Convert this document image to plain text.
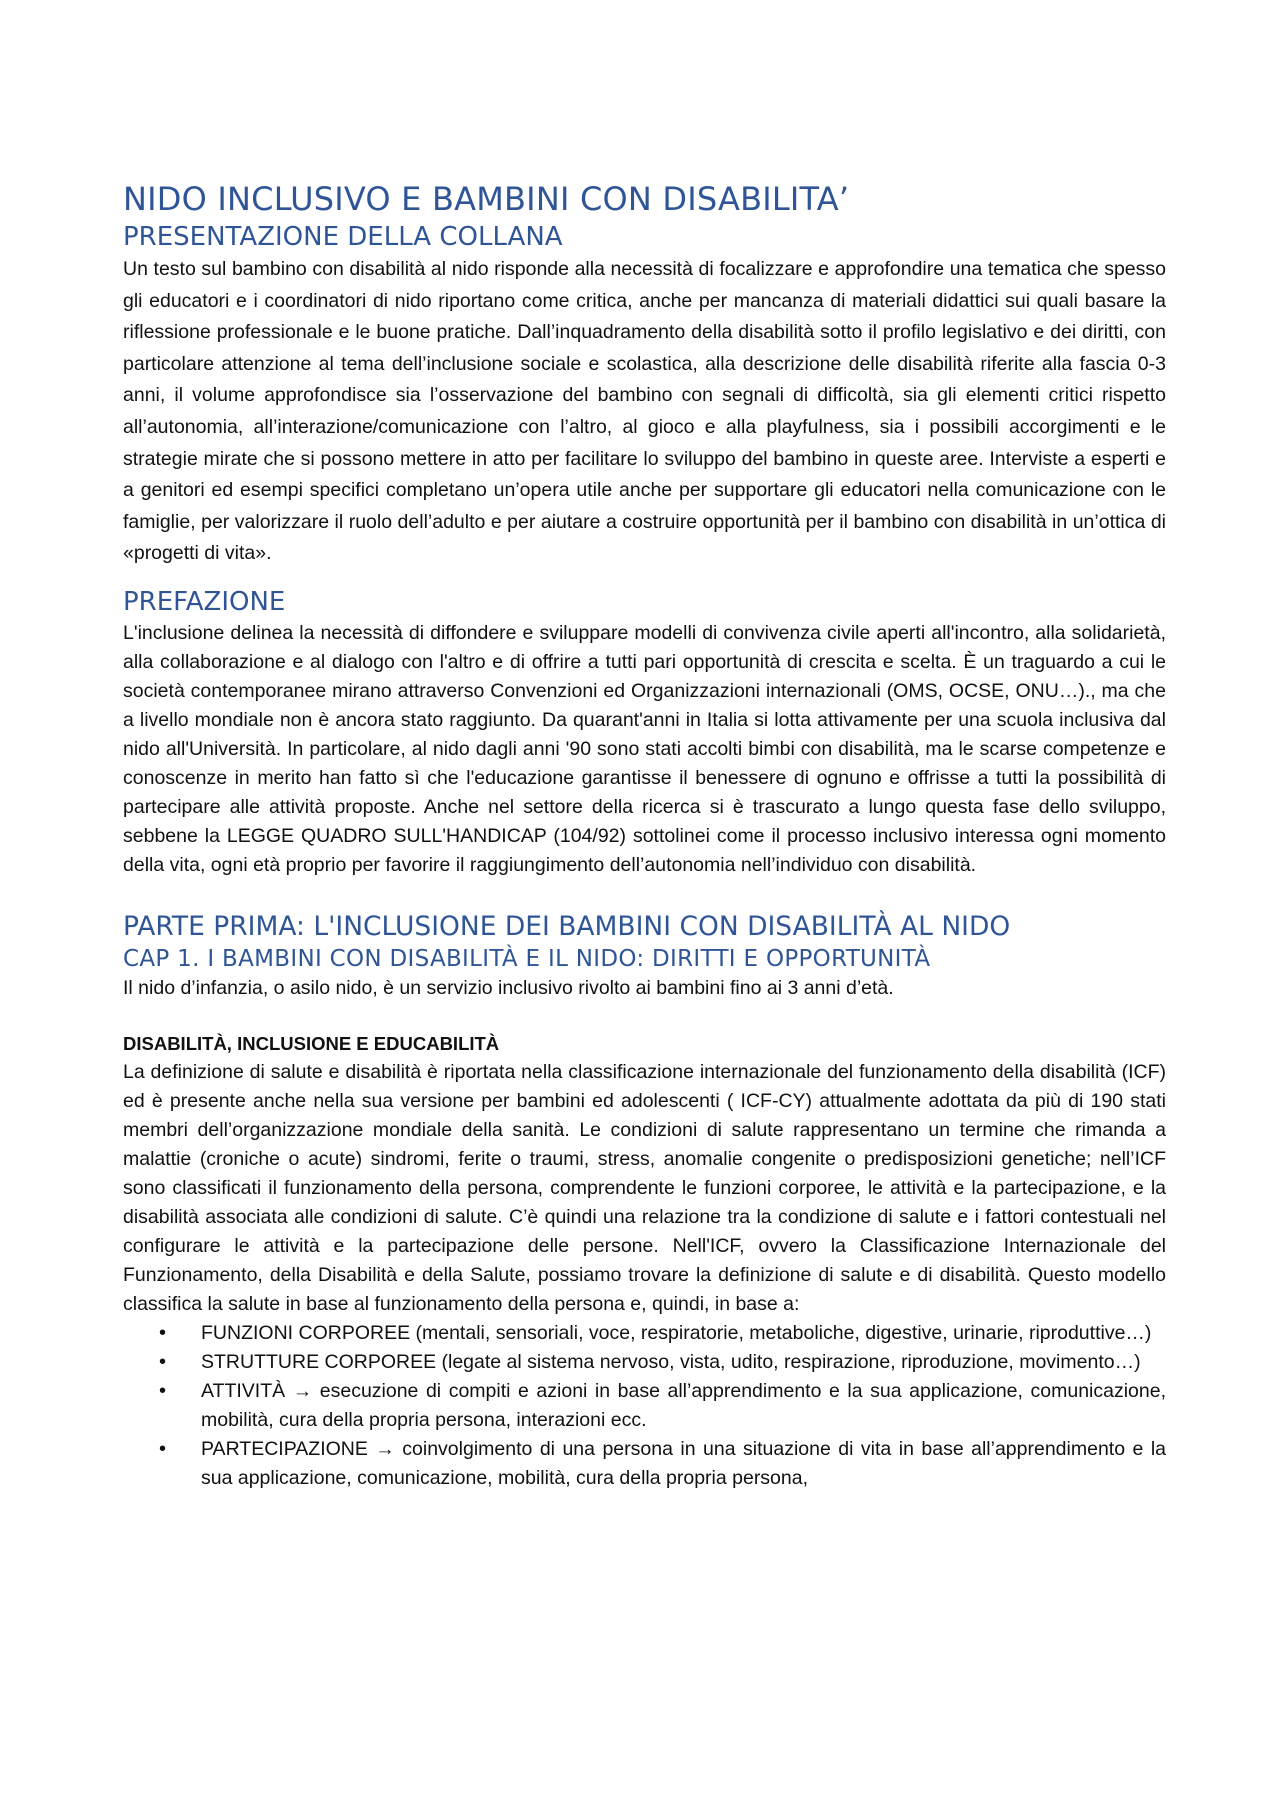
NIDO INCLUSIVO E BAMBINI CON DISABILITA’
PRESENTAZIONE DELLA COLLANA

Un testo sul bambino con disabilità al nido risponde alla necessità di focalizzare e approfondire una tematica che spesso gli educatori e i coordinatori di nido riportano come critica, anche per mancanza di materiali didattici sui quali basare la riflessione professionale e le buone pratiche. Dall’inquadramento della disabilità sotto il profilo legislativo e dei diritti, con particolare attenzione al tema dell’inclusione sociale e scolastica, alla descrizione delle disabilità riferite alla fascia 0-3 anni, il volume approfondisce sia l’osservazione del bambino con segnali di difficoltà, sia gli elementi critici rispetto all’autonomia, all’interazione/comunicazione con l’altro, al gioco e alla playfulness, sia i possibili accorgimenti e le strategie mirate che si possono mettere in atto per facilitare lo sviluppo del bambino in queste aree. Interviste a esperti e a genitori ed esempi specifici completano un’opera utile anche per supportare gli educatori nella comunicazione con le famiglie, per valorizzare il ruolo dell’adulto e per aiutare a costruire opportunità per il bambino con disabilità in un’ottica di «progetti di vita».

PREFAZIONE

L'inclusione delinea la necessità di diffondere e sviluppare modelli di convivenza civile aperti all'incontro, alla solidarietà, alla collaborazione e al dialogo con l'altro e di offrire a tutti pari opportunità di crescita e scelta. È un traguardo a cui le società contemporanee mirano attraverso Convenzioni ed Organizzazioni internazionali (OMS, OCSE, ONU…)., ma che a livello mondiale non è ancora stato raggiunto. Da quarant'anni in Italia si lotta attivamente per una scuola inclusiva dal nido all'Università. In particolare, al nido dagli anni '90 sono stati accolti bimbi con disabilità, ma le scarse competenze e conoscenze in merito han fatto sì che l'educazione garantisse il benessere di ognuno e offrisse a tutti la possibilità di partecipare alle attività proposte. Anche nel settore della ricerca si è trascurato a lungo questa fase dello sviluppo, sebbene la LEGGE QUADRO SULL'HANDICAP (104/92) sottolinei come il processo inclusivo interessa ogni momento della vita, ogni età proprio per favorire il raggiungimento dell’autonomia nell’individuo con disabilità.

PARTE PRIMA: L'INCLUSIONE DEI BAMBINI CON DISABILITÀ AL NIDO
CAP 1. I BAMBINI CON DISABILITÀ E IL NIDO: DIRITTI E OPPORTUNITÀ

Il nido d’infanzia, o asilo nido, è un servizio inclusivo rivolto ai bambini fino ai 3 anni d’età.

DISABILITÀ, INCLUSIONE E EDUCABILITÀ

La definizione di salute e disabilità è riportata nella classificazione internazionale del funzionamento della disabilità (ICF) ed è presente anche nella sua versione per bambini ed adolescenti ( ICF-CY) attualmente adottata da più di 190 stati membri dell’organizzazione mondiale della sanità. Le condizioni di salute rappresentano un termine che rimanda a malattie (croniche o acute) sindromi, ferite o traumi, stress, anomalie congenite o predisposizioni genetiche; nell’ICF sono classificati il funzionamento della persona, comprendente le funzioni corporee, le attività e la partecipazione, e la disabilità associata alle condizioni di salute. C’è quindi una relazione tra la condizione di salute e i fattori contestuali nel configurare le attività e la partecipazione delle persone. Nell'ICF, ovvero la Classificazione Internazionale del Funzionamento, della Disabilità e della Salute, possiamo trovare la definizione di salute e di disabilità. Questo modello classifica la salute in base al funzionamento della persona e, quindi, in base a:

• FUNZIONI CORPOREE (mentali, sensoriali, voce, respiratorie, metaboliche, digestive, urinarie, riproduttive…)
• STRUTTURE CORPOREE (legate al sistema nervoso, vista, udito, respirazione, riproduzione, movimento…)
• ATTIVITÀ → esecuzione di compiti e azioni in base all’apprendimento e la sua applicazione, comunicazione, mobilità, cura della propria persona, interazioni ecc.
• PARTECIPAZIONE → coinvolgimento di una persona in una situazione di vita in base all’apprendimento e la sua applicazione, comunicazione, mobilità, cura della propria persona,
